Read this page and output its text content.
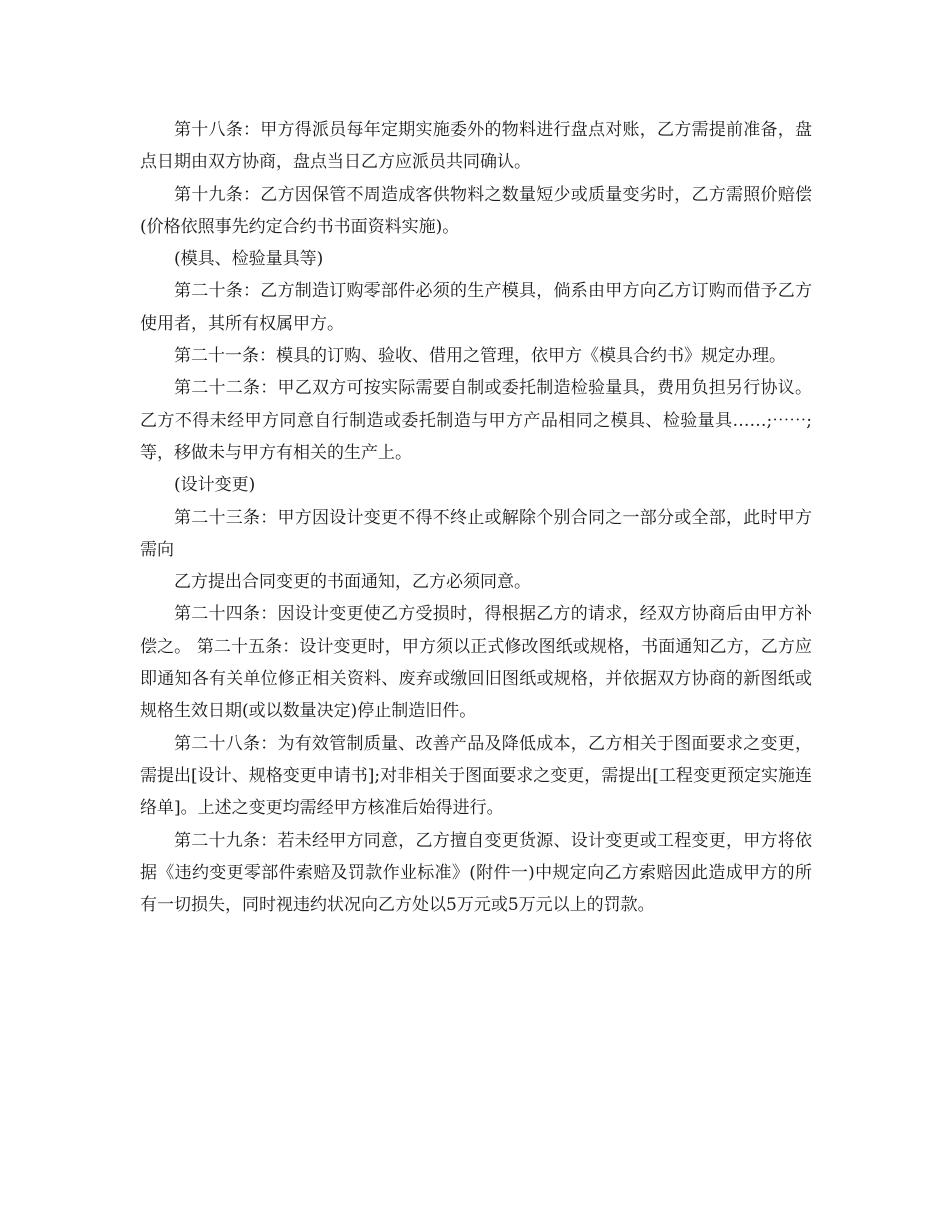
第十八条：甲方得派员每年定期实施委外的物料进行盘点对账，乙方需提前准备，盘点日期由双方协商，盘点当日乙方应派员共同确认。

第十九条：乙方因保管不周造成客供物料之数量短少或质量变劣时，乙方需照价赔偿(价格依照事先约定合约书书面资料实施)。

(模具、检验量具等)

第二十条：乙方制造订购零部件必须的生产模具，倘系由甲方向乙方订购而借予乙方使用者，其所有权属甲方。

第二十一条：模具的订购、验收、借用之管理，依甲方《模具合约书》规定办理。

第二十二条：甲乙双方可按实际需要自制或委托制造检验量具，费用负担另行协议。乙方不得未经甲方同意自行制造或委托制造与甲方产品相同之模具、检验量具……;⋯⋯;等，移做未与甲方有相关的生产上。

(设计变更)

第二十三条：甲方因设计变更不得不终止或解除个别合同之一部分或全部，此时甲方需向

乙方提出合同变更的书面通知，乙方必须同意。

第二十四条：因设计变更使乙方受损时，得根据乙方的请求，经双方协商后由甲方补偿之。 第二十五条：设计变更时，甲方须以正式修改图纸或规格，书面通知乙方，乙方应即通知各有关单位修正相关资料、废弃或缴回旧图纸或规格，并依据双方协商的新图纸或规格生效日期(或以数量决定)停止制造旧件。

第二十八条：为有效管制质量、改善产品及降低成本，乙方相关于图面要求之变更，需提出[设计、规格变更申请书];对非相关于图面要求之变更，需提出[工程变更预定实施连络单]。上述之变更均需经甲方核准后始得进行。

第二十九条：若未经甲方同意，乙方擅自变更货源、设计变更或工程变更，甲方将依据《违约变更零部件索赔及罚款作业标准》(附件一)中规定向乙方索赔因此造成甲方的所有一切损失，同时视违约状况向乙方处以5万元或5万元以上的罚款。
